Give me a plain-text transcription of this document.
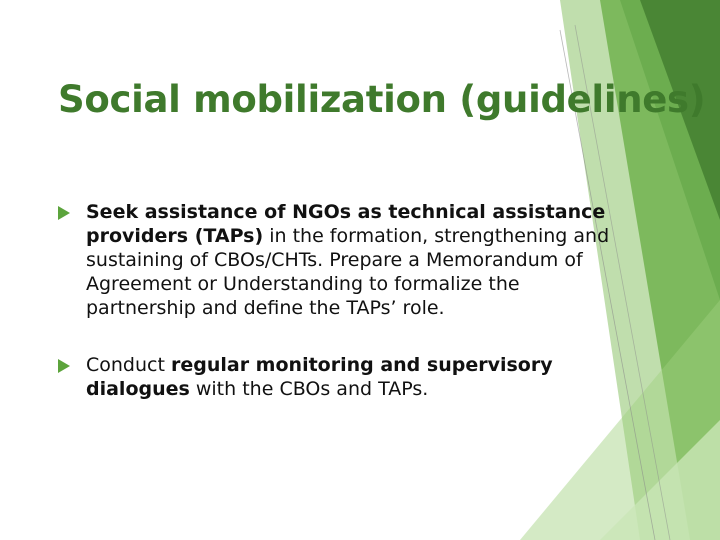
Social mobilization (guidelines)
Seek assistance of NGOs as technical assistance providers (TAPs) in the formation, strengthening and sustaining of CBOs/CHTs. Prepare a Memorandum of Agreement or Understanding to formalize the partnership and define the TAPs’ role.
Conduct regular monitoring and supervisory dialogues with the CBOs and TAPs.
